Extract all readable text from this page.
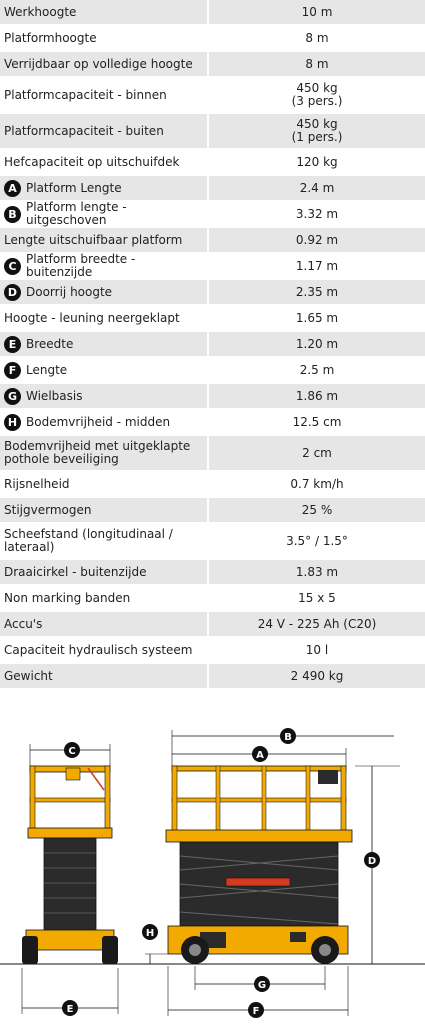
Werkhoogte	10 m
Platformhoogte	8 m
Verrijdbaar op volledige hoogte	8 m
Platformcapaciteit - binnen	450 kg
(3 pers.)
Platformcapaciteit - buiten	450 kg
(1 pers.)
Hefcapaciteit op uitschuifdek	120 kg
A Platform Lengte	2.4 m
B Platform lengte - uitgeschoven	3.32 m
Lengte uitschuifbaar platform	0.92 m
C Platform breedte - buitenzijde	1.17 m
D Doorrij hoogte	2.35 m
Hoogte - leuning neergeklapt	1.65 m
E Breedte	1.20 m
F Lengte	2.5 m
G Wielbasis	1.86 m
H Bodemvrijheid - midden	12.5 cm
Bodemvrijheid met uitgeklapte pothole beveiliging	2 cm
Rijsnelheid	0.7 km/h
Stijgvermogen	25 %
Scheefstand (longitudinaal / lateraal)	3.5° / 1.5°
Draaicirkel - buitenzijde	1.83 m
Non marking banden	15 x 5
Accu's	24 V - 225 Ah (C20)
Capaciteit hydraulisch systeem	10 l
Gewicht	2 490 kg
C
E
B
A
D
H
G
F
